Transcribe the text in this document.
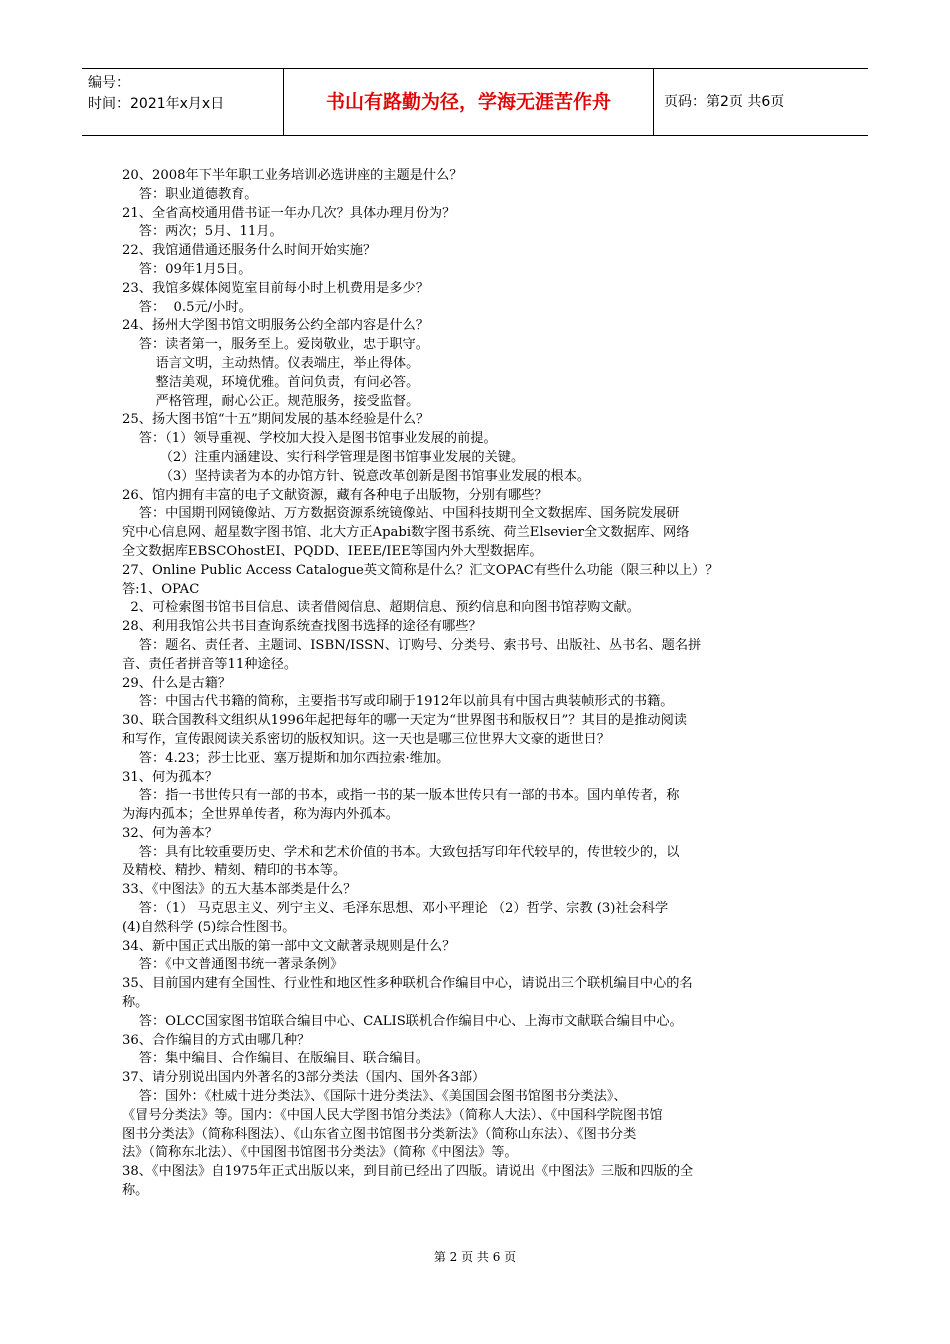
编号：
时间：2021年x月x日	书山有路勤为径，学海无涯苦作舟	页码：第2页 共6页

20、2008年下半年职工业务培训必选讲座的主题是什么？

答：职业道德教育。

21、全省高校通用借书证一年办几次？具体办理月份为？

答：两次；5月、11月。

22、我馆通借通还服务什么时间开始实施？

答：09年1月5日。

23、我馆多媒体阅览室目前每小时上机费用是多少？

答：  0.5元/小时。

24、扬州大学图书馆文明服务公约全部内容是什么？

答：读者第一，服务至上。爱岗敬业，忠于职守。

语言文明，主动热情。仪表端庄，举止得体。

整洁美观，环境优雅。首问负责，有问必答。

严格管理，耐心公正。规范服务，接受监督。

25、扬大图书馆“十五”期间发展的基本经验是什么？

答：（1）领导重视、学校加大投入是图书馆事业发展的前提。

（2）注重内涵建设、实行科学管理是图书馆事业发展的关键。

（3）坚持读者为本的办馆方针、锐意改革创新是图书馆事业发展的根本。

26、馆内拥有丰富的电子文献资源，藏有各种电子出版物，分别有哪些？

答：中国期刊网镜像站、万方数据资源系统镜像站、中国科技期刊全文数据库、国务院发展研

究中心信息网、超星数字图书馆、北大方正Apabi数字图书系统、荷兰Elsevier全文数据库、网络

全文数据库EBSCOhostEI、PQDD、IEEE/IEE等国内外大型数据库。

27、Online Public Access Catalogue英文简称是什么？汇文OPAC有些什么功能（限三种以上）？

答:1、OPAC

2、可检索图书馆书目信息、读者借阅信息、超期信息、预约信息和向图书馆荐购文献。

28、利用我馆公共书目查询系统查找图书选择的途径有哪些？

答：题名、责任者、主题词、ISBN/ISSN、订购号、分类号、索书号、出版社、丛书名、题名拼

音、责任者拼音等11种途径。

29、什么是古籍？

答：中国古代书籍的简称，主要指书写或印刷于1912年以前具有中国古典装帧形式的书籍。

30、联合国教科文组织从1996年起把每年的哪一天定为“世界图书和版权日”？其目的是推动阅读

和写作，宣传跟阅读关系密切的版权知识。这一天也是哪三位世界大文豪的逝世日？

答：4.23；莎士比亚、塞万提斯和加尔西拉索·维加。

31、何为孤本？

答：指一书世传只有一部的书本，或指一书的某一版本世传只有一部的书本。国内单传者，称

为海内孤本；全世界单传者，称为海内外孤本。

32、何为善本？

答：具有比较重要历史、学术和艺术价值的书本。大致包括写印年代较早的，传世较少的，以

及精校、精抄、精刻、精印的书本等。

33、《中图法》的五大基本部类是什么？

答：（1） 马克思主义、列宁主义、毛泽东思想、邓小平理论 （2）哲学、宗教 (3)社会科学

(4)自然科学 (5)综合性图书。

34、新中国正式出版的第一部中文文献著录规则是什么？

答：《中文普通图书统一著录条例》

35、目前国内建有全国性、行业性和地区性多种联机合作编目中心，请说出三个联机编目中心的名

称。

答：OLCC国家图书馆联合编目中心、CALIS联机合作编目中心、上海市文献联合编目中心。

36、合作编目的方式由哪几种？

答：集中编目、合作编目、在版编目、联合编目。

37、请分别说出国内外著名的3部分类法（国内、国外各3部）

答：国外：《杜威十进分类法》、《国际十进分类法》、《美国国会图书馆图书分类法》、

《冒号分类法》等。国内：《中国人民大学图书馆分类法》（简称人大法）、《中国科学院图书馆

图书分类法》（简称科图法）、《山东省立图书馆图书分类新法》（简称山东法）、《图书分类

法》（简称东北法）、《中国图书馆图书分类法》（简称《中图法》等。

38、《中图法》自1975年正式出版以来，到目前已经出了四版。请说出《中图法》三版和四版的全

称。

第 2 页 共 6 页
